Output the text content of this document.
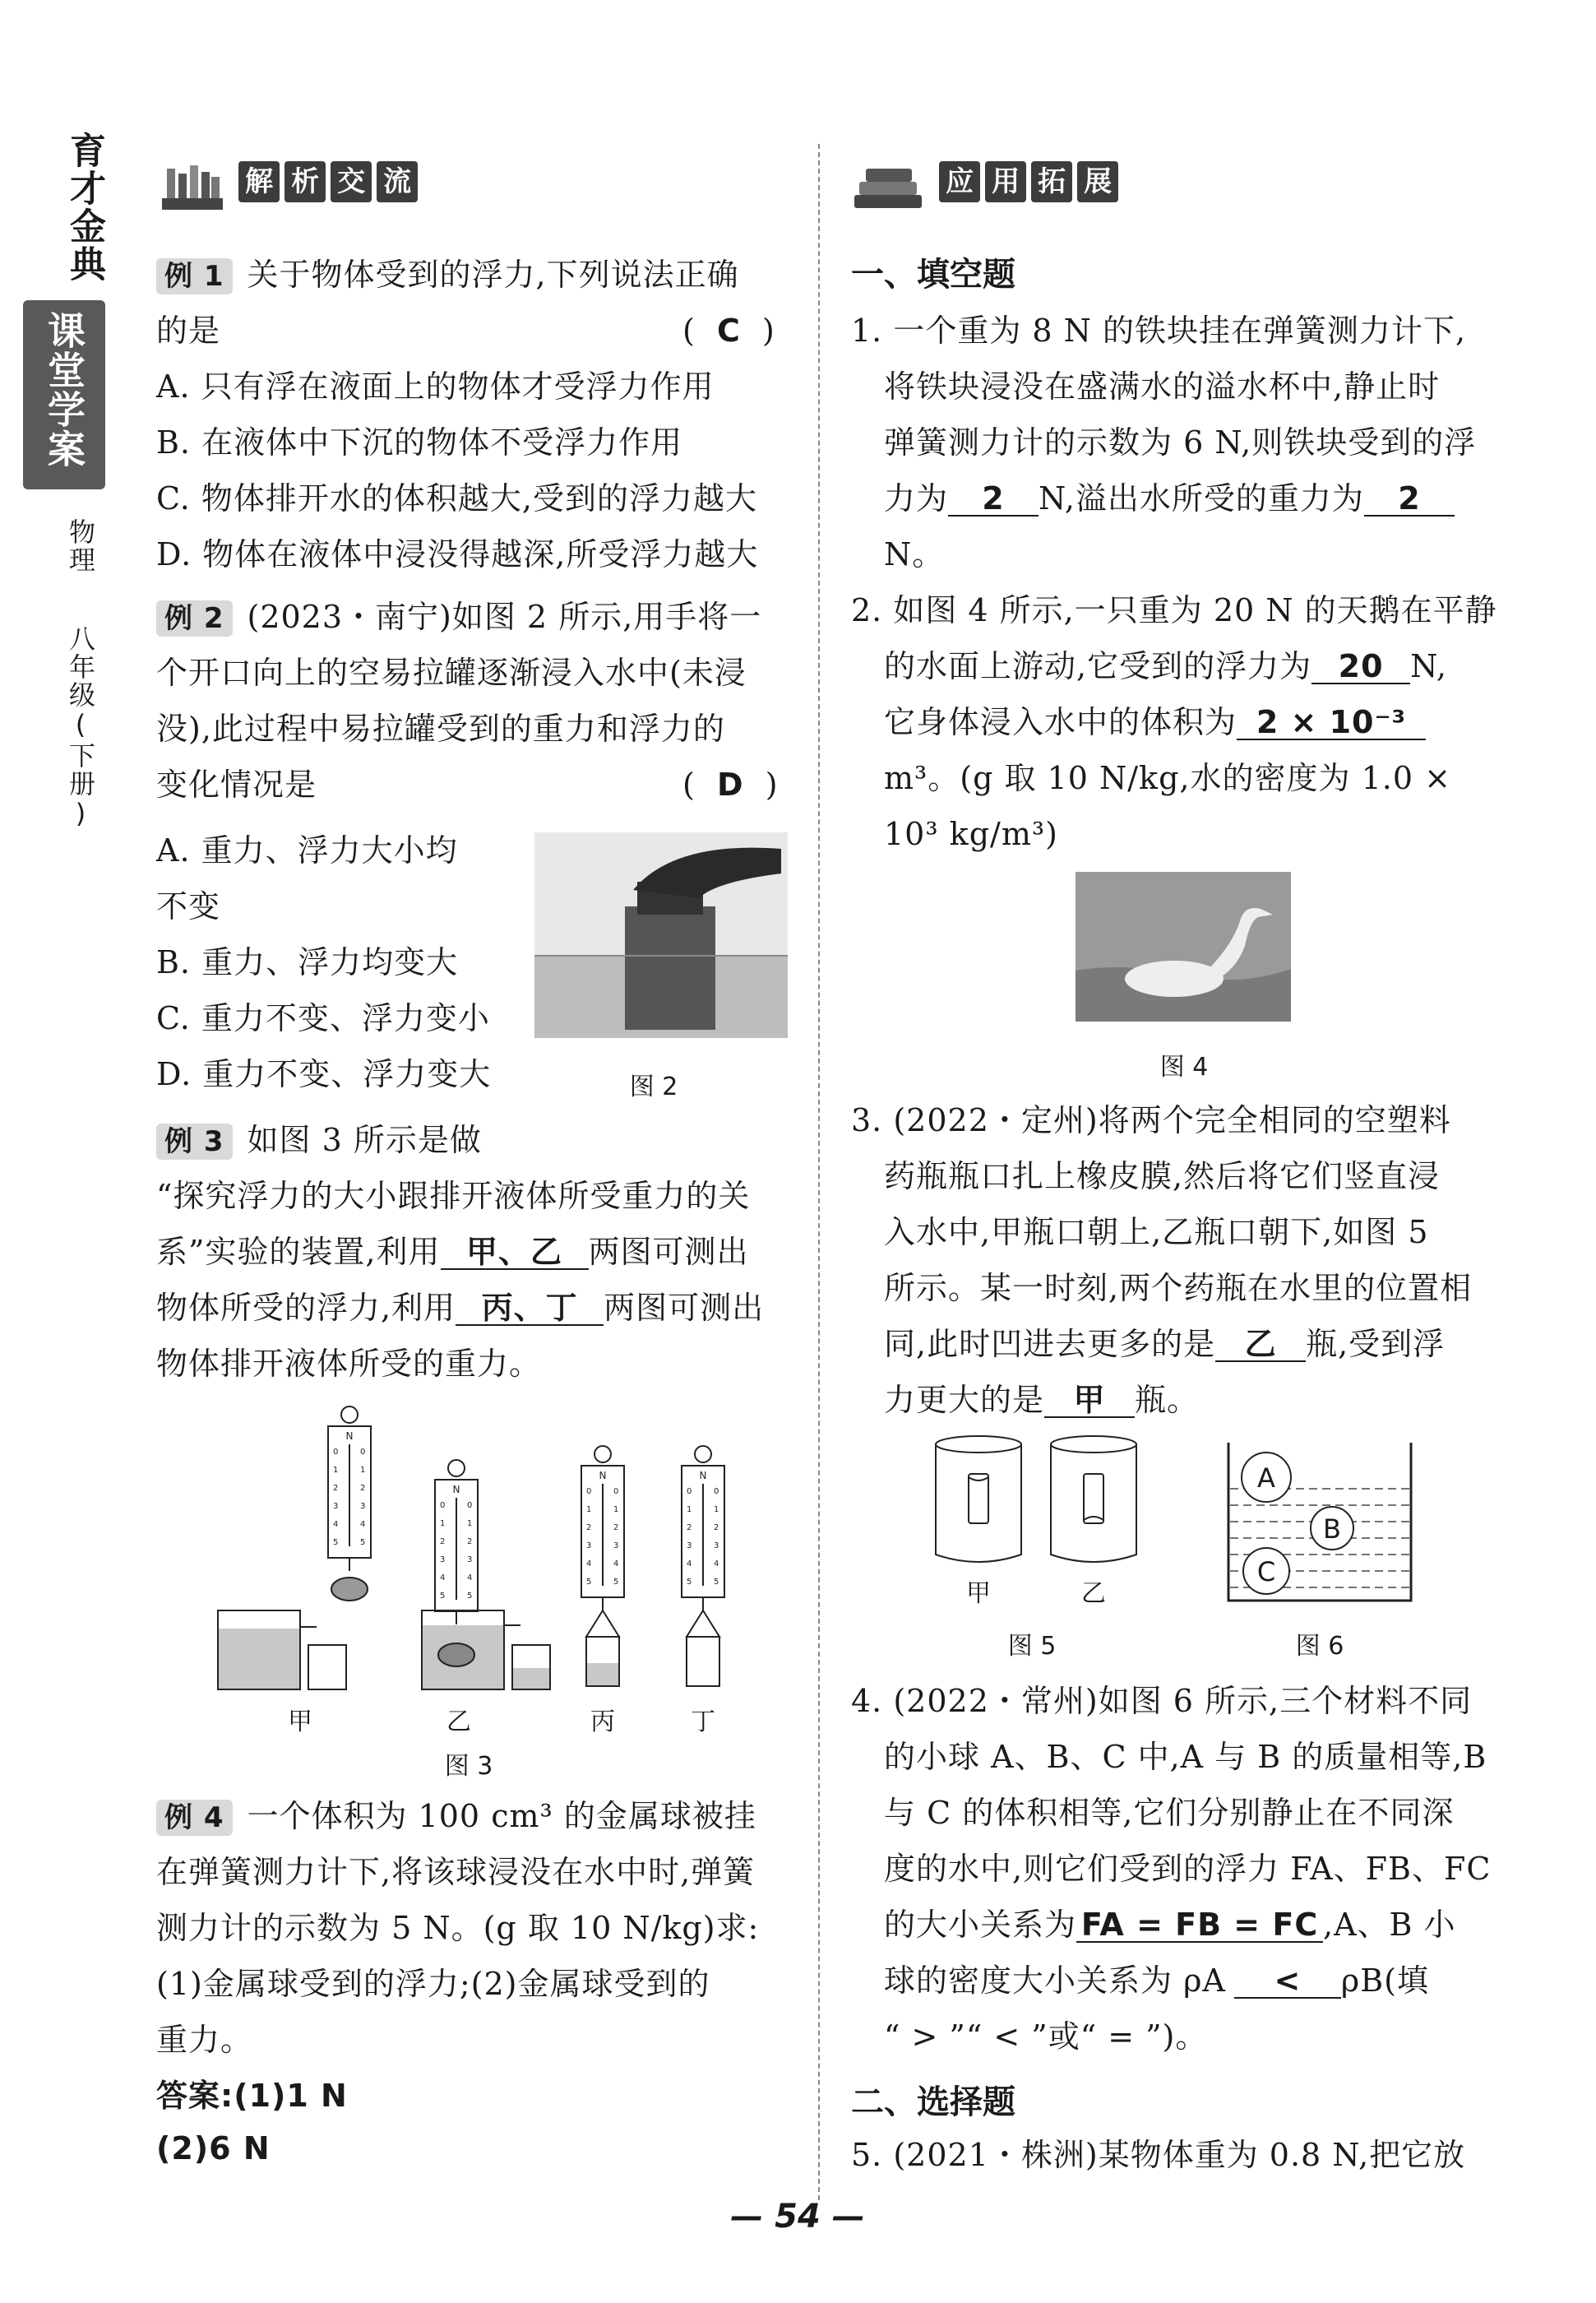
育才金典
课堂学案
物理
八年级(下册)
解 析 交 流
例 1 关于物体受到的浮力,下列说法正确
的是	(  C  )
A. 只有浮在液面上的物体才受浮力作用
B. 在液体中下沉的物体不受浮力作用
C. 物体排开水的体积越大,受到的浮力越大
D. 物体在液体中浸没得越深,所受浮力越大
例 2 (2023・南宁)如图 2 所示,用手将一
个开口向上的空易拉罐逐渐浸入水中(未浸
没),此过程中易拉罐受到的重力和浮力的
变化情况是	(  D  )
A. 重力、浮力大小均
不变
B. 重力、浮力均变大
C. 重力不变、浮力变小
D. 重力不变、浮力变大	图 2
例 3 如图 3 所示是做
“探究浮力的大小跟排开液体所受重力的关
系”实验的装置,利用 甲、乙 两图可测出
物体所受的浮力,利用 丙、丁 两图可测出
物体排开液体所受的重力。
N
0
1
2
3
4
5
0
1
2
3
4
5
甲	乙	丙	丁
图 3
例 4 一个体积为 100 cm³ 的金属球被挂
在弹簧测力计下,将该球浸没在水中时,弹簧
测力计的示数为 5 N。(g 取 10 N/kg)求:
(1)金属球受到的浮力;(2)金属球受到的
重力。
答案:(1)1 N
(2)6 N
应 用 拓 展
一、填空题
1. 一个重为 8 N 的铁块挂在弹簧测力计下,
将铁块浸没在盛满水的溢水杯中,静止时
弹簧测力计的示数为 6 N,则铁块受到的浮
力为 2 N,溢出水所受的重力为 2
N。
2. 如图 4 所示,一只重为 20 N 的天鹅在平静
的水面上游动,它受到的浮力为 20 N,
它身体浸入水中的体积为 2 × 10⁻³
m³。(g 取 10 N/kg,水的密度为 1.0 ×
10³ kg/m³)
图 4
3. (2022・定州)将两个完全相同的空塑料
药瓶瓶口扎上橡皮膜,然后将它们竖直浸
入水中,甲瓶口朝上,乙瓶口朝下,如图 5
所示。某一时刻,两个药瓶在水里的位置相
同,此时凹进去更多的是 乙 瓶,受到浮
力更大的是 甲 瓶。
甲	乙
图 5
A
B
C
图 6
4. (2022・常州)如图 6 所示,三个材料不同
的小球 A、B、C 中,A 与 B 的质量相等,B
与 C 的体积相等,它们分别静止在不同深
度的水中,则它们受到的浮力 FA、FB、FC
的大小关系为 FA = FB = FC ,A、B 小
球的密度大小关系为 ρA < ρB(填
“ > ”“ < ”或“ = ”)。
二、选择题
5. (2021・株洲)某物体重为 0.8 N,把它放
— 54 —
